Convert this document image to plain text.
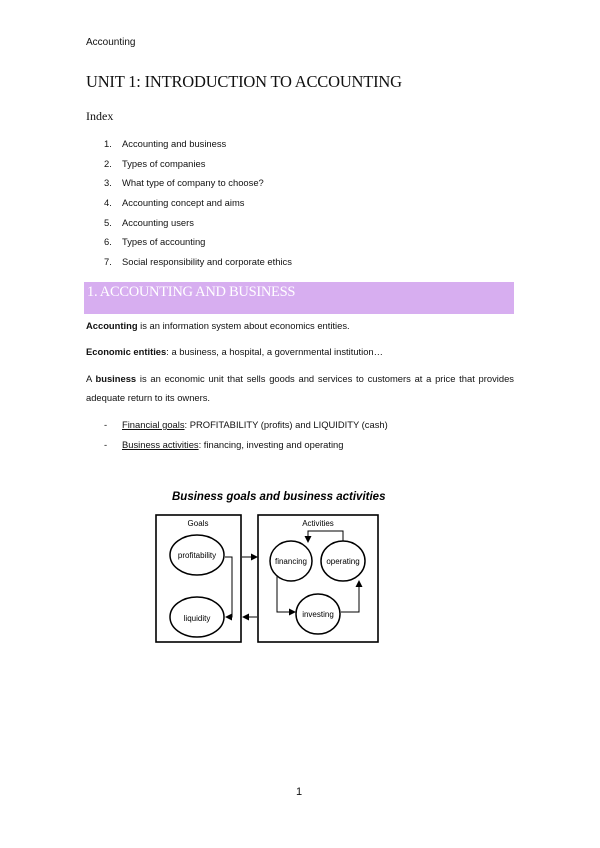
Accounting
UNIT 1: INTRODUCTION TO ACCOUNTING
Index
1. Accounting and business
2. Types of companies
3. What type of company to choose?
4. Accounting concept and aims
5. Accounting users
6. Types of accounting
7. Social responsibility and corporate ethics
1. ACCOUNTING AND BUSINESS
Accounting is an information system about economics entities.
Economic entities: a business, a hospital, a governmental institution…
A business is an economic unit that sells goods and services to customers at a price that provides adequate return to its owners.
- Financial goals: PROFITABILITY (profits) and LIQUIDITY (cash)
- Business activities: financing, investing and operating
Business goals and business activities
Goals
profitability
liquidity
Activities
financing operating
investing
1
